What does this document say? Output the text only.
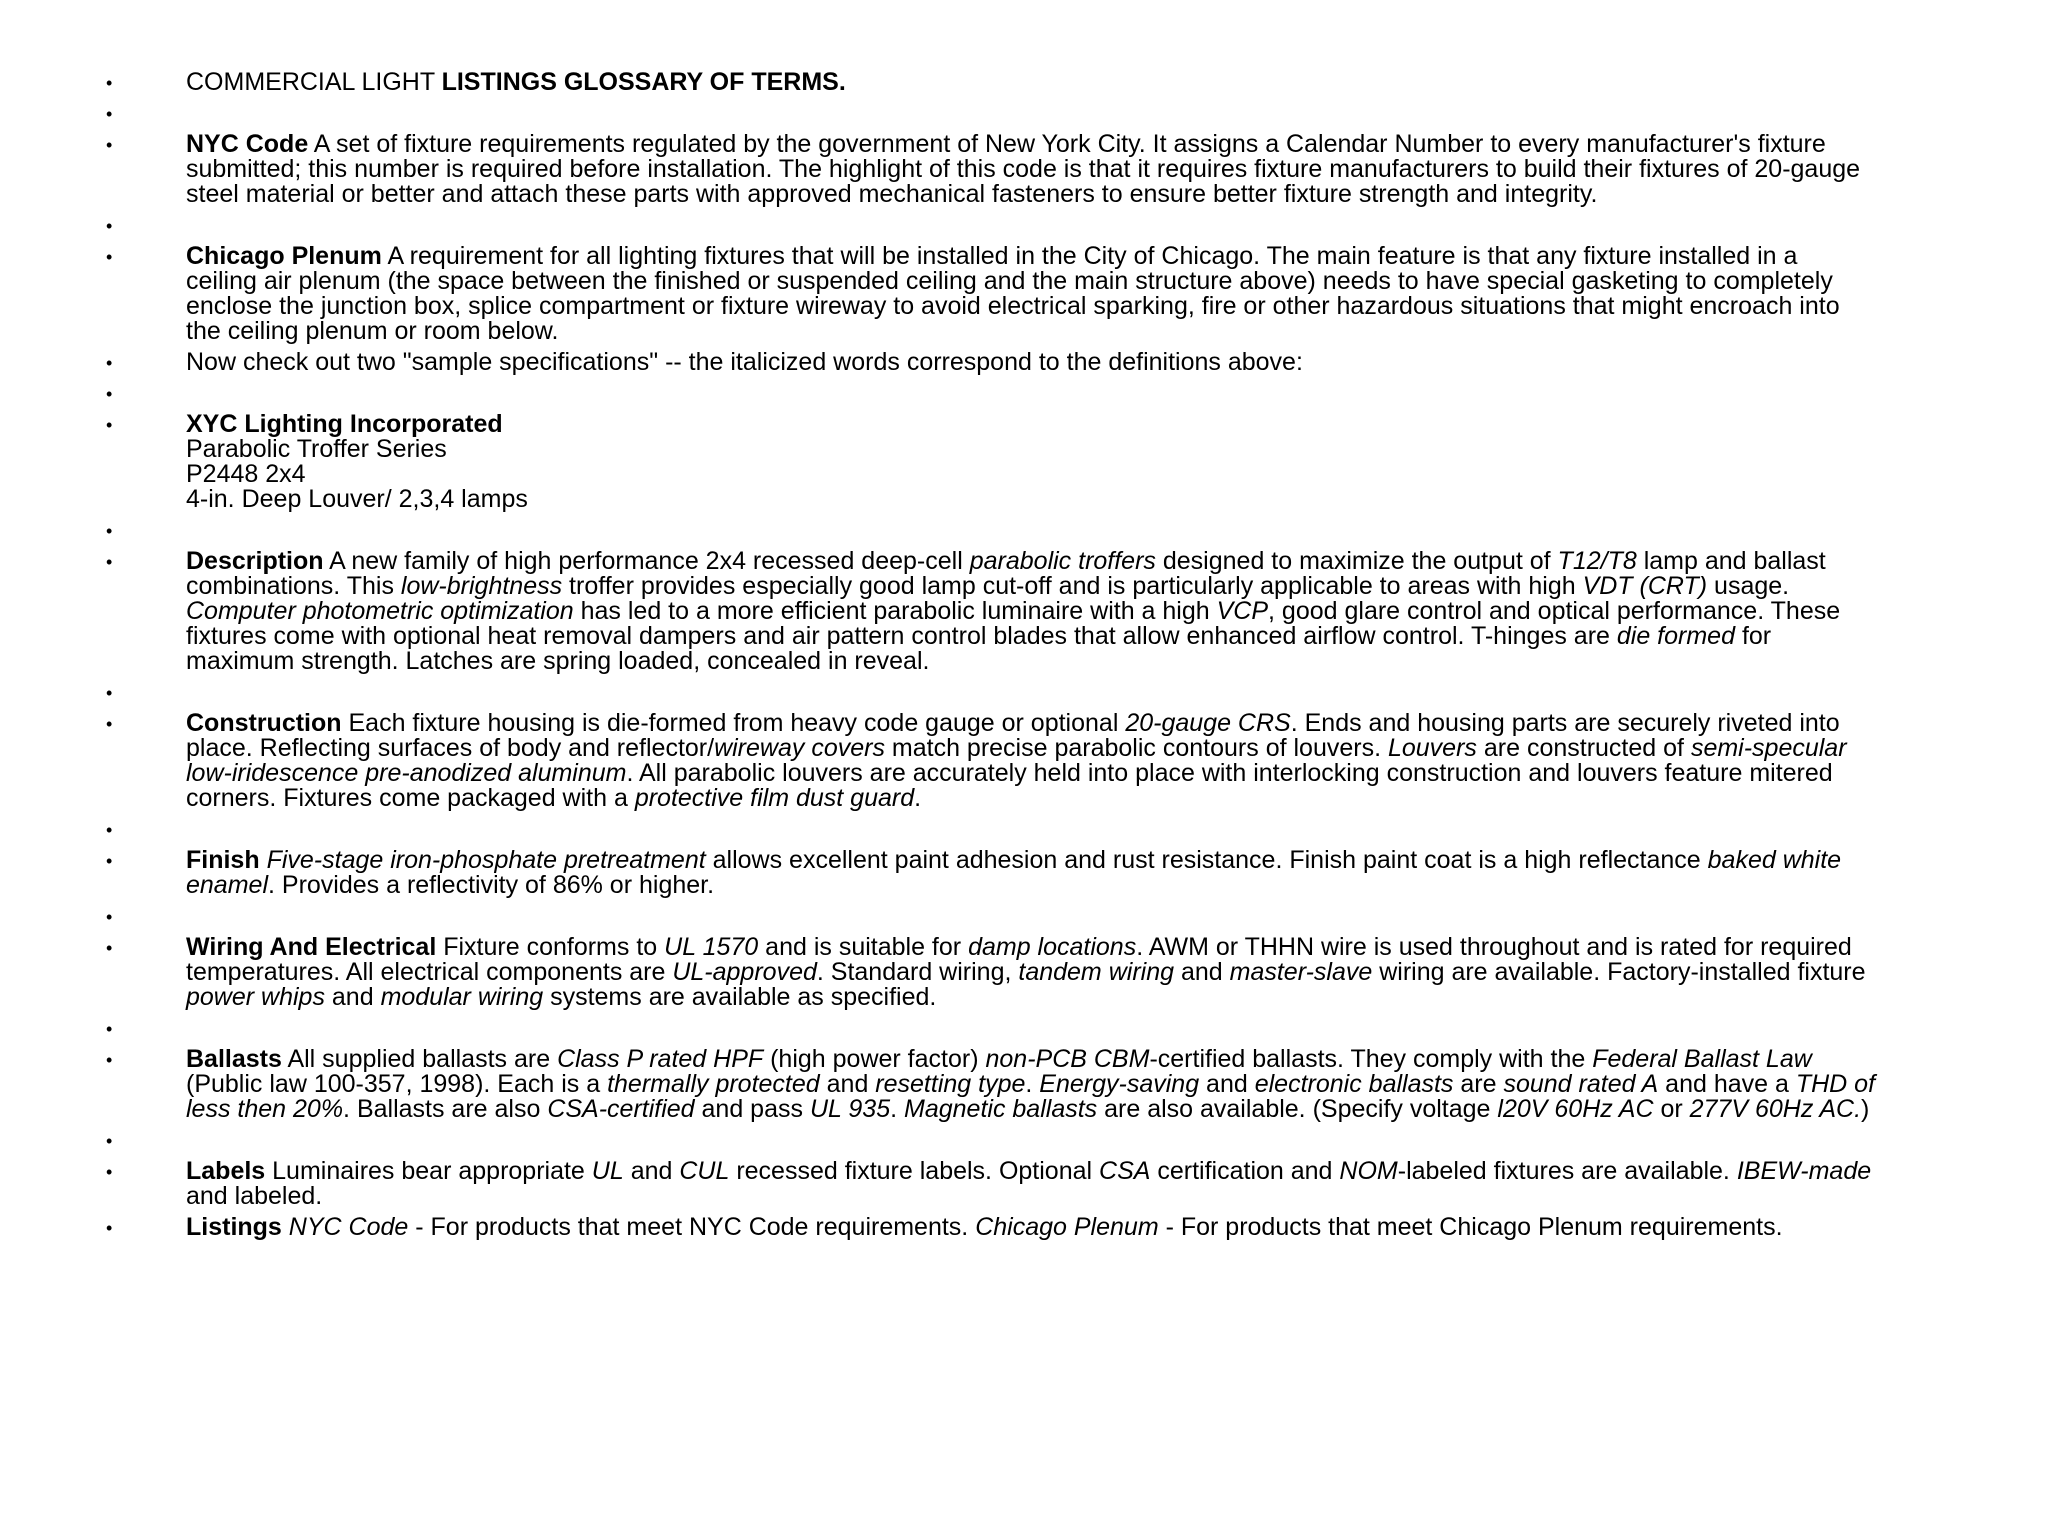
•	COMMERCIAL LIGHT LISTINGS GLOSSARY OF TERMS.
•

•	NYC Code A set of fixture requirements regulated by the government of New York City. It assigns a Calendar Number to every manufacturer's fixture
submitted; this number is required before installation. The highlight of this code is that it requires fixture manufacturers to build their fixtures of 20-gauge
steel material or better and attach these parts with approved mechanical fasteners to ensure better fixture strength and integrity.
•

•	Chicago Plenum A requirement for all lighting fixtures that will be installed in the City of Chicago. The main feature is that any fixture installed in a
ceiling air plenum (the space between the finished or suspended ceiling and the main structure above) needs to have special gasketing to completely
enclose the junction box, splice compartment or fixture wireway to avoid electrical sparking, fire or other hazardous situations that might encroach into
the ceiling plenum or room below.
•	Now check out two "sample specifications" -- the italicized words correspond to the definitions above:
•

•	XYC Lighting Incorporated
Parabolic Troffer Series
P2448 2x4
4-in. Deep Louver/ 2,3,4 lamps
•

•	Description A new family of high performance 2x4 recessed deep-cell parabolic troffers designed to maximize the output of T12/T8 lamp and ballast
combinations. This low-brightness troffer provides especially good lamp cut-off and is particularly applicable to areas with high VDT (CRT) usage.
Computer photometric optimization has led to a more efficient parabolic luminaire with a high VCP, good glare control and optical performance. These
fixtures come with optional heat removal dampers and air pattern control blades that allow enhanced airflow control. T-hinges are die formed for
maximum strength. Latches are spring loaded, concealed in reveal.
•

•	Construction Each fixture housing is die-formed from heavy code gauge or optional 20-gauge CRS. Ends and housing parts are securely riveted into
place. Reflecting surfaces of body and reflector/wireway covers match precise parabolic contours of louvers. Louvers are constructed of semi-specular
low-iridescence pre-anodized aluminum. All parabolic louvers are accurately held into place with interlocking construction and louvers feature mitered
corners. Fixtures come packaged with a protective film dust guard.
•

•	Finish Five-stage iron-phosphate pretreatment allows excellent paint adhesion and rust resistance. Finish paint coat is a high reflectance baked white
enamel. Provides a reflectivity of 86% or higher.
•

•	Wiring And Electrical Fixture conforms to UL 1570 and is suitable for damp locations. AWM or THHN wire is used throughout and is rated for required
temperatures. All electrical components are UL-approved. Standard wiring, tandem wiring and master-slave wiring are available. Factory-installed fixture
power whips and modular wiring systems are available as specified.
•

•	Ballasts All supplied ballasts are Class P rated HPF (high power factor) non-PCB CBM-certified ballasts. They comply with the Federal Ballast Law
(Public law 100-357, 1998). Each is a thermally protected and resetting type. Energy-saving and electronic ballasts are sound rated A and have a THD of
less then 20%. Ballasts are also CSA-certified and pass UL 935. Magnetic ballasts are also available. (Specify voltage l20V 60Hz AC or 277V 60Hz AC.)
•

•	Labels Luminaires bear appropriate UL and CUL recessed fixture labels. Optional CSA certification and NOM-labeled fixtures are available. IBEW-made
and labeled.
•	Listings NYC Code - For products that meet NYC Code requirements. Chicago Plenum - For products that meet Chicago Plenum requirements.
